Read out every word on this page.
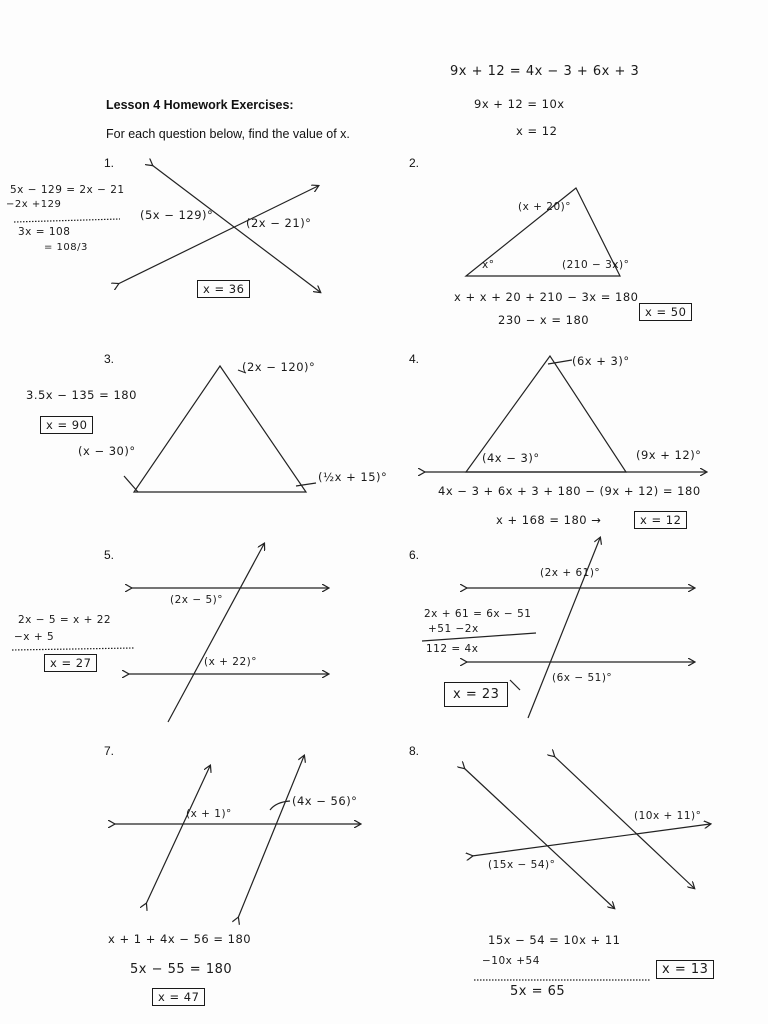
Lesson 4 Homework Exercises:
For each question below, find the value of x.
9x + 12 = 4x − 3 + 6x + 3
9x + 12 = 10x
x = 12
1.	2.
3.	4.
5.	6.
7.	8.
(5x − 129)°
(2x − 21)°
5x − 129 = 2x − 21
−2x +129
3x = 108
= 108/3
x = 36
(x + 20)°
x°	(210 − 3x)°
x + x + 20 + 210 − 3x = 180
230 − x = 180
x = 50
(2x − 120)°
(x − 30)°
(½x + 15)°
3.5x − 135 = 180
x = 90
(6x + 3)°
(4x − 3)°	(9x + 12)°
4x − 3 + 6x + 3 + 180 − (9x + 12) = 180
x + 168 = 180 →	x = 12
(2x − 5)°
(x + 22)°
2x − 5 = x + 22
−x + 5
x = 27
(2x + 61)°
(6x − 51)°
2x + 61 = 6x − 51
+51 −2x
112 = 4x
x = 23
(x + 1)°
(4x − 56)°
x + 1 + 4x − 56 = 180
5x − 55 = 180
x = 47
(10x + 11)°
(15x − 54)°
15x − 54 = 10x + 11
−10x +54
5x = 65
x = 13
